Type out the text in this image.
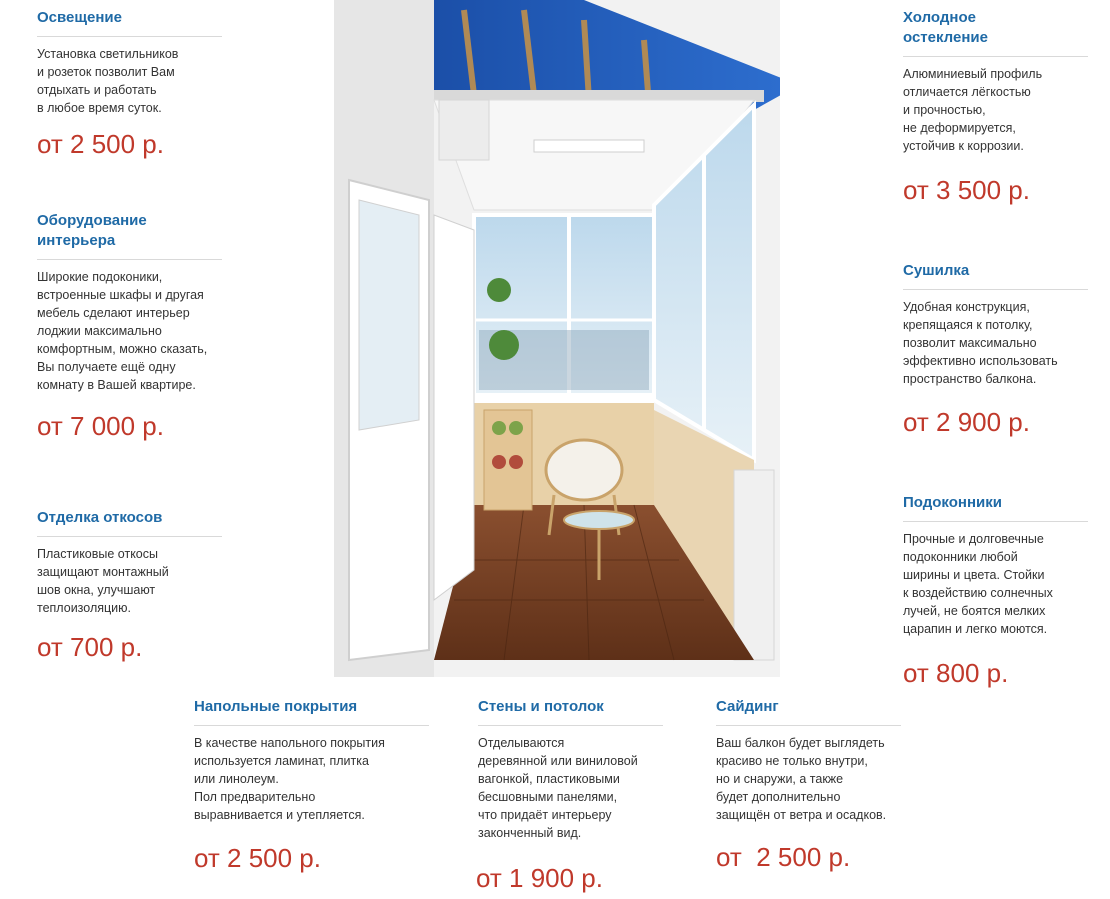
Освещение
Установка светильников
и розеток позволит Вам
отдыхать и работать
в любое время суток.
от 2 500 р.
Оборудование
интерьера
Широкие подоконики,
встроенные шкафы и другая
мебель сделают интерьер
лоджии максимально
комфортным, можно сказать,
Вы получаете ещё одну
комнату в Вашей квартире.
от 7 000 р.
Отделка откосов
Пластиковые откосы
защищают монтажный
шов окна, улучшают
теплоизоляцию.
от 700 р.
Холодное
остекление
Алюминиевый профиль
отличается лёгкостью
и прочностью,
не деформируется,
устойчив к коррозии.
от 3 500 р.
Сушилка
Удобная конструкция,
крепящаяся к потолку,
позволит максимально
эффективно использовать
пространство балкона.
от 2 900 р.
Подоконники
Прочные и долговечные
подоконники любой
ширины и цвета. Стойки
к воздействию солнечных
лучей, не боятся мелких
царапин и легко моются.
от 800 р.
Напольные покрытия
В качестве напольного покрытия
используется ламинат, плитка
или линолеум.
Пол предварительно
выравнивается и утепляется.
от 2 500 р.
Стены и потолок
Отделываются
деревянной или виниловой
вагонкой, пластиковыми
бесшовными панелями,
что придаёт интерьеру
законченный вид.
от 1 900 р.
Сайдинг
Ваш балкон будет выглядеть
красиво не только внутри,
но и снаружи, а также
будет дополнительно
защищён от ветра и осадков.
от  2 500 р.
